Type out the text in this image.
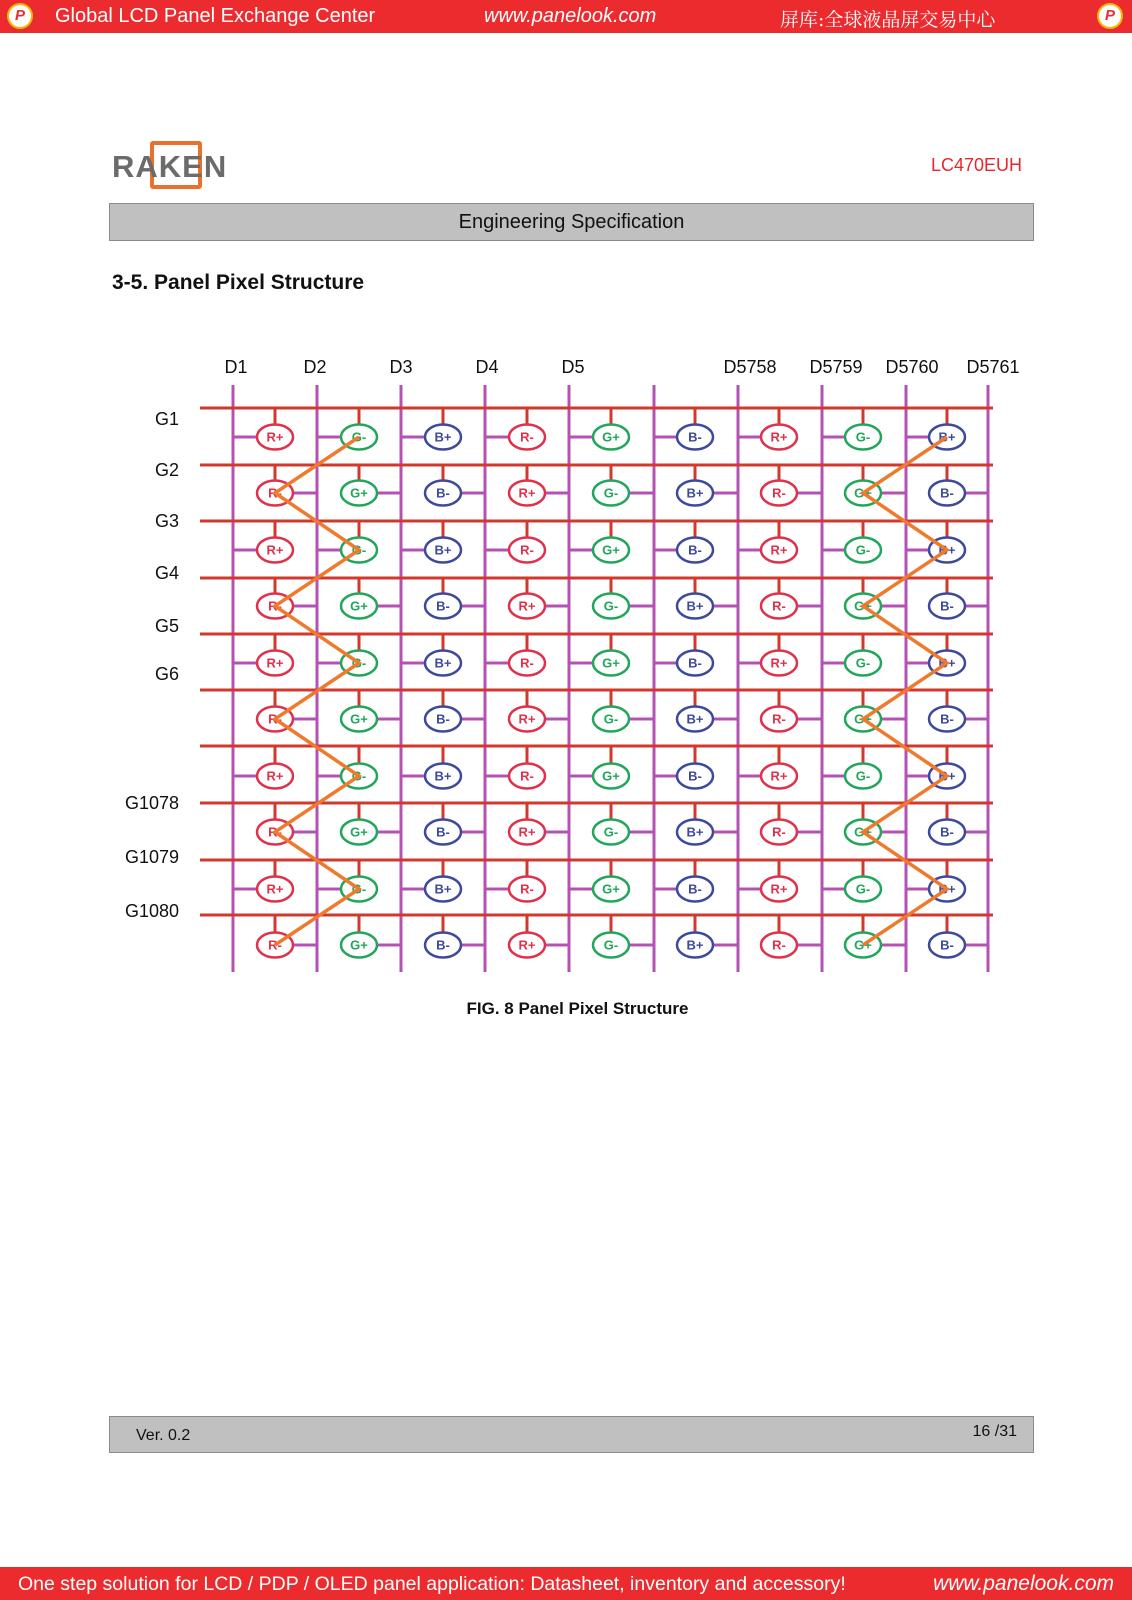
P	Global LCD Panel Exchange Center	www.panelook.com	屏库:全球液晶屏交易中心	P
RAKEN	LC470EUH
Engineering Specification
3-5. Panel Pixel Structure
D1	D2	D3	D4	D5	D5758 D5759 D5760 D5761
G1
G2
G3
G4
G5
G6
G1078
G1079
G1080
R+	G-	B+	R-	G+	B-	R+	G-	B+
R-	G+	B-	R+	G-	B+	R-	G+	B-
R+	G-	B+	R-	G+	B-	R+	G-	B+
R-	G+	B-	R+	G-	B+	R-	G+	B-
R+	G-	B+	R-	G+	B-	R+	G-	B+
R-	G+	B-	R+	G-	B+	R-	G+	B-
R+	G-	B+	R-	G+	B-	R+	G-	B+
R-	G+	B-	R+	G-	B+	R-	G+	B-
R+	G-	B+	R-	G+	B-	R+	G-	B+
R-	G+	B-	R+	G-	B+	R-	G+	B-
FIG. 8 Panel Pixel Structure
Ver. 0.2	16 /31
One step solution for LCD / PDP / OLED panel application: Datasheet, inventory and accessory!	www.panelook.com
